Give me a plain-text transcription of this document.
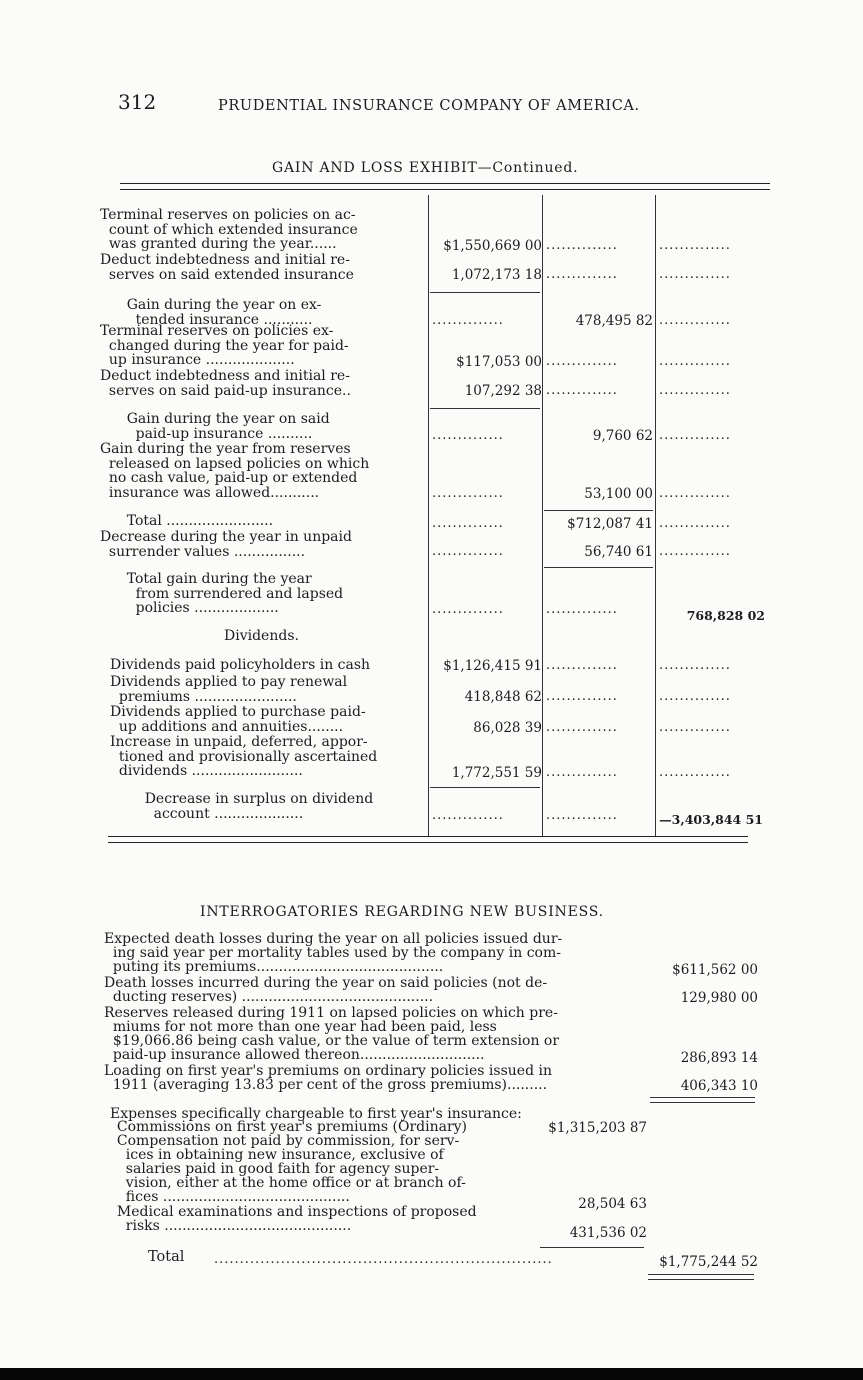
312	PRUDENTIAL INSURANCE COMPANY OF AMERICA.
GAIN AND LOSS EXHIBIT—Continued.
Terminal reserves on policies on ac-
count of which extended insurance
was granted during the year......	$1,550,669 00 ..............	..............
Deduct indebtedness and initial re-
serves on said extended insurance	1,072,173 18 ..............	..............
Gain during the year on ex-
tended insurance ...........	..............	478,495 82 ..............
Terminal reserves on policies ex-
changed during the year for paid-
up insurance ....................	$117,053 00 ..............	..............
Deduct indebtedness and initial re-
serves on said paid-up insurance..	107,292 38 ..............	..............
Gain during the year on said
paid-up insurance ..........	..............	9,760 62 ..............
Gain during the year from reserves
released on lapsed policies on which
no cash value, paid-up or extended
insurance was allowed...........	..............	53,100 00 ..............
Total ........................	..............	$712,087 41 ..............
Decrease during the year in unpaid
surrender values ................	..............	56,740 61 ..............
Total gain during the year
from surrendered and lapsed
policies ...................	..............	..............	768,828 02
Dividends.
Dividends paid policyholders in cash	$1,126,415 91 ..............	..............
Dividends applied to pay renewal
premiums .......................	418,848 62 ..............	..............
Dividends applied to purchase paid-
up additions and annuities........	86,028 39 ..............	..............
Increase in unpaid, deferred, appor-
tioned and provisionally ascertained
dividends .........................	1,772,551 59 ..............	..............
Decrease in surplus on dividend
account ....................	..............	..............	—3,403,844 51
INTERROGATORIES REGARDING NEW BUSINESS.
Expected death losses during the year on all policies issued dur-
ing said year per mortality tables used by the company in com-
puting its premiums..........................................	$611,562 00
Death losses incurred during the year on said policies (not de-
ducting reserves) ...........................................	129,980 00
Reserves released during 1911 on lapsed policies on which pre-
miums for not more than one year had been paid, less
$19,066.86 being cash value, or the value of term extension or
paid-up insurance allowed thereon............................	286,893 14
Loading on first year's premiums on ordinary policies issued in
1911 (averaging 13.83 per cent of the gross premiums).........	406,343 10
Expenses specifically chargeable to first year's insurance:
Commissions on first year's premiums (Ordinary)	$1,315,203 87
Compensation not paid by commission, for serv-
ices in obtaining new insurance, exclusive of
salaries paid in good faith for agency super-
vision, either at the home office or at branch of-
fices ..........................................	28,504 63
Medical examinations and inspections of proposed
risks ..........................................	431,536 02
Total ..................................................................	$1,775,244 52
